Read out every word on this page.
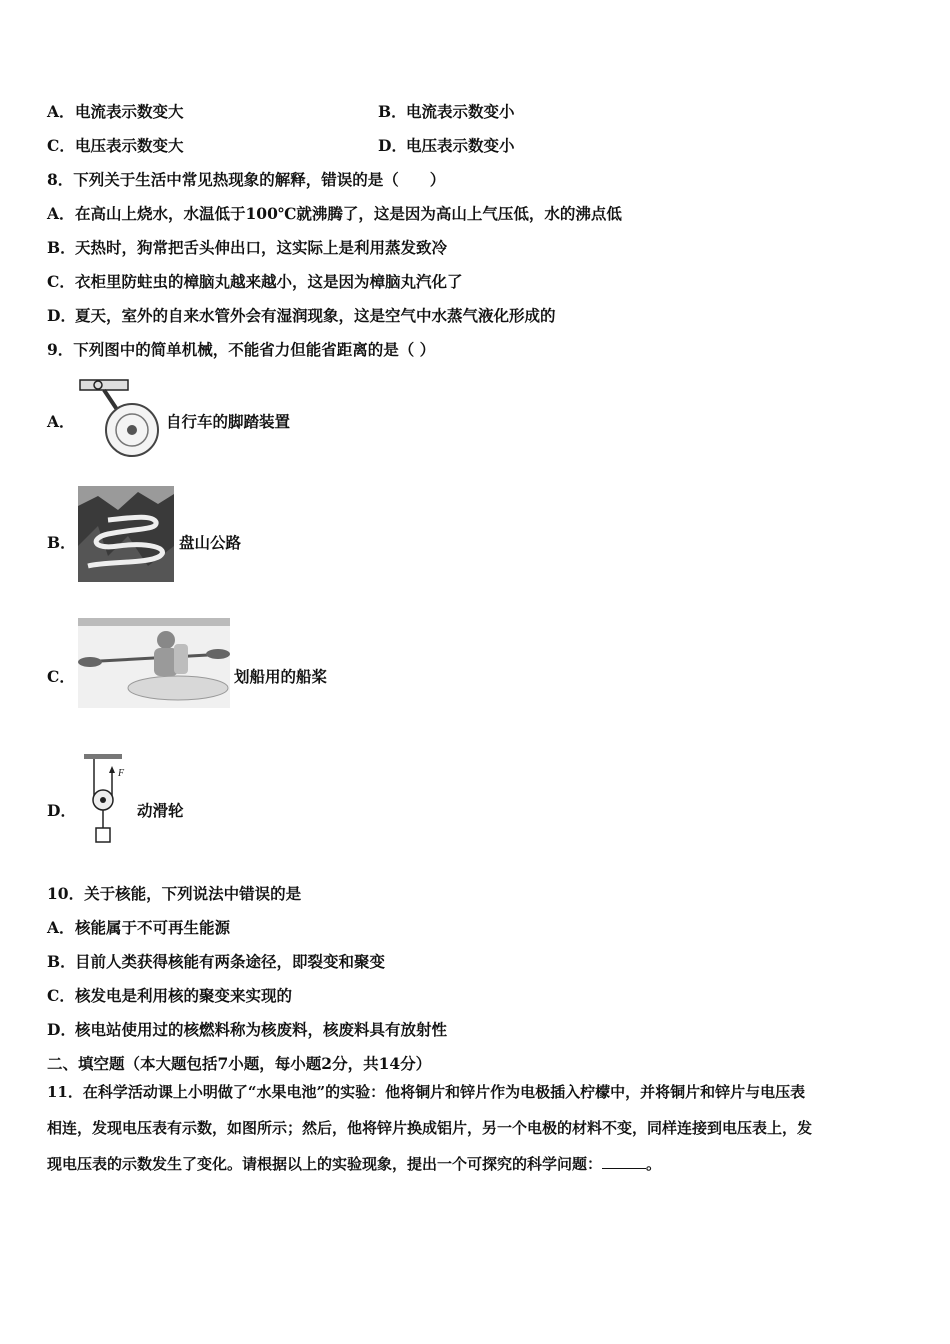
A．电流表示数变大	B．电流表示数变小
C．电压表示数变大	D．电压表示数变小
8．下列关于生活中常见热现象的解释，错误的是（　　）
A．在高山上烧水，水温低于100℃就沸腾了，这是因为高山上气压低，水的沸点低
B．天热时，狗常把舌头伸出口，这实际上是利用蒸发致冷
C．衣柜里防蛀虫的樟脑丸越来越小，这是因为樟脑丸汽化了
D．夏天，室外的自来水管外会有湿润现象，这是空气中水蒸气液化形成的
9．下列图中的简单机械，不能省力但能省距离的是（ ）
A．	自行车的脚踏装置
B．	盘山公路
C．	划船用的船桨
D．
F
动滑轮
10．关于核能，下列说法中错误的是
A．核能属于不可再生能源
B．目前人类获得核能有两条途径，即裂变和聚变
C．核发电是利用核的聚变来实现的
D．核电站使用过的核燃料称为核废料，核废料具有放射性
二、填空题（本大题包括7小题，每小题2分，共14分）
11．在科学活动课上小明做了“水果电池”的实验：他将铜片和锌片作为电极插入柠檬中，并将铜片和锌片与电压表
相连，发现电压表有示数，如图所示；然后，他将锌片换成铝片，另一个电极的材料不变，同样连接到电压表上，发
现电压表的示数发生了变化。请根据以上的实验现象，提出一个可探究的科学问题：	。
